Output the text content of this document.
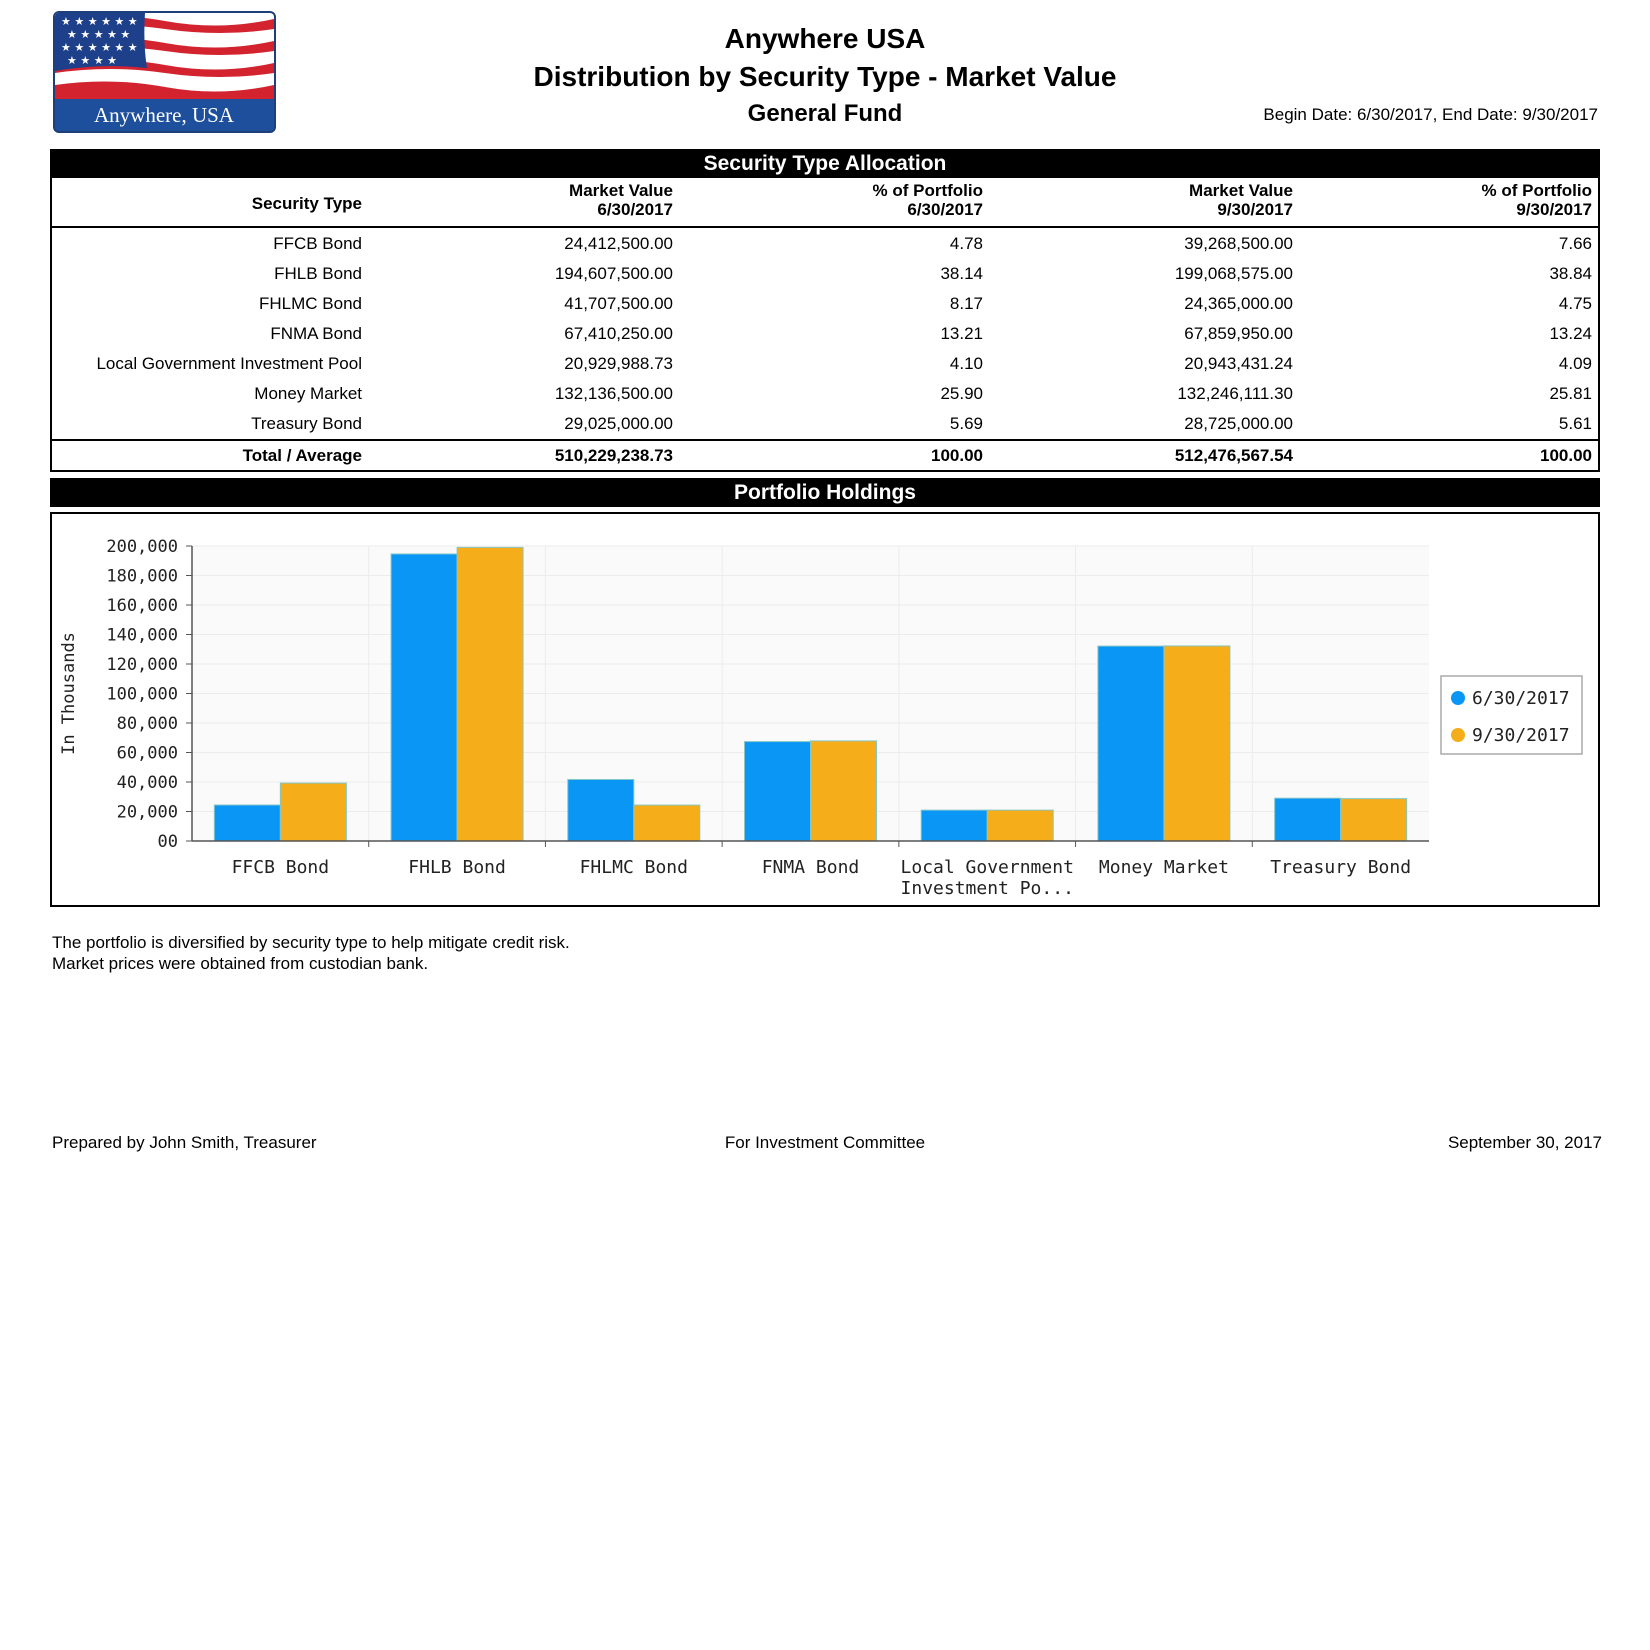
★ ★ ★ ★ ★ ★
★ ★ ★ ★ ★
★ ★ ★ ★ ★ ★
★ ★ ★ ★
Anywhere, USA
Anywhere USA
Distribution by Security Type - Market Value
General Fund	Begin Date: 6/30/2017, End Date: 9/30/2017
Security Type Allocation
Security Type
Market Value
6/30/2017
% of Portfolio
6/30/2017
Market Value
9/30/2017
% of Portfolio
9/30/2017
FFCB Bond	24,412,500.00	4.78	39,268,500.00	7.66
FHLB Bond	194,607,500.00	38.14	199,068,575.00	38.84
FHLMC Bond	41,707,500.00	8.17	24,365,000.00	4.75
FNMA Bond	67,410,250.00	13.21	67,859,950.00	13.24
Local Government Investment Pool	20,929,988.73	4.10	20,943,431.24	4.09
Money Market	132,136,500.00	25.90	132,246,111.30	25.81
Treasury Bond	29,025,000.00	5.69	28,725,000.00	5.61
Total / Average	510,229,238.73	100.00	512,476,567.54	100.00
Portfolio Holdings
00
20,000
40,000
60,000
80,000
100,000
120,000
140,000
160,000
180,000
200,000
FFCB Bond	FHLB Bond	FHLMC Bond	FNMA Bond Local Government
Investment Po...
Money Market Treasury Bond
In Thousands	6/30/2017
9/30/2017
The portfolio is diversified by security type to help mitigate credit risk.
Market prices were obtained from custodian bank.
Prepared by John Smith, Treasurer	For Investment Committee	September 30, 2017
